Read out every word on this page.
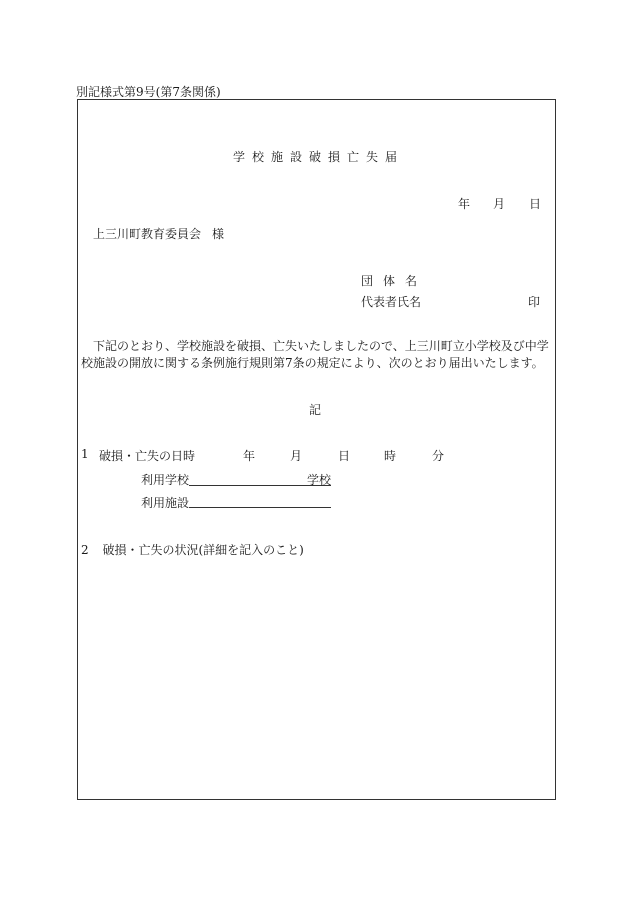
別記様式第9号(第7条関係)
学校施設破損亡失届
年 月 日
上三川町教育委員会 様
団体名
代表者氏名	印
下記のとおり、学校施設を破損、亡失いたしましたので、上三川町立小学校及び中学校施設の開放に関する条例施行規則第7条の規定により、次のとおり届出いたします。
記
1 破損・亡失の日時	年	月	日	時	分
利用学校	学校
利用施設
2 破損・亡失の状況(詳細を記入のこと)
